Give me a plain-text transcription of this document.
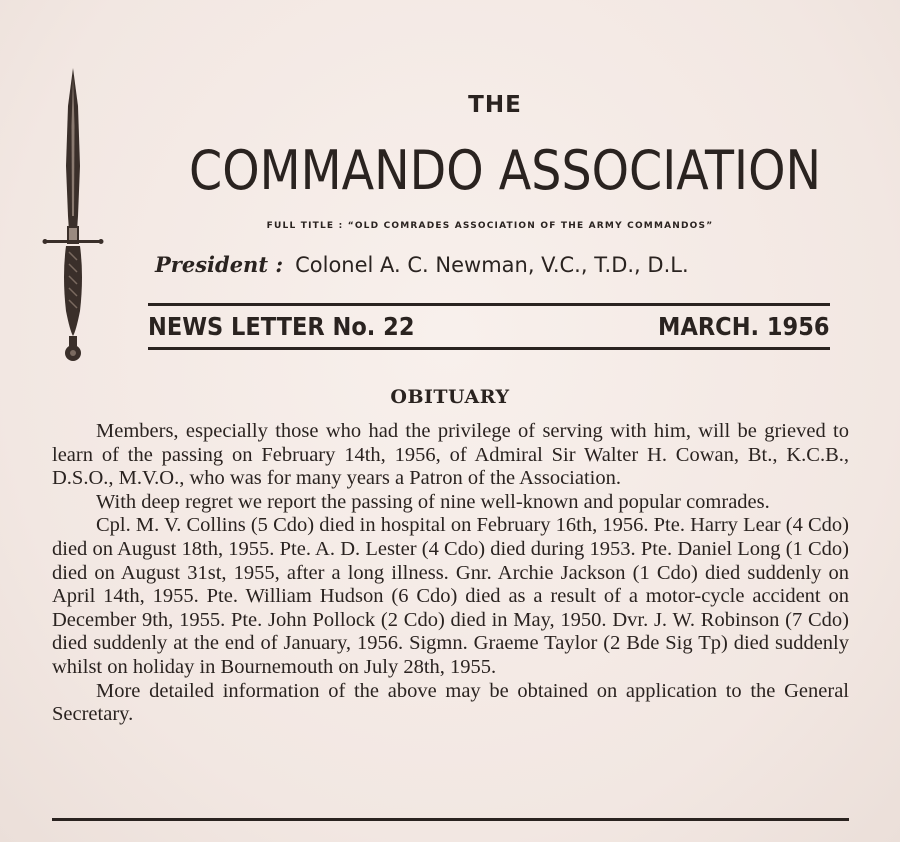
THE
COMMANDO ASSOCIATION
FULL TITLE : “OLD COMRADES ASSOCIATION OF THE ARMY COMMANDOS”
President : Colonel A. C. Newman, V.C., T.D., D.L.
NEWS LETTER No. 22	MARCH. 1956
OBITUARY

Members, especially those who had the privilege of serving with him, will be grieved to learn of the passing on February 14th, 1956, of Admiral Sir Walter H. Cowan, Bt., K.C.B., D.S.O., M.V.O., who was for many years a Patron of the Association.

With deep regret we report the passing of nine well-known and popular comrades.

Cpl. M. V. Collins (5 Cdo) died in hospital on February 16th, 1956. Pte. Harry Lear (4 Cdo) died on August 18th, 1955. Pte. A. D. Lester (4 Cdo) died during 1953. Pte. Daniel Long (1 Cdo) died on August 31st, 1955, after a long illness. Gnr. Archie Jackson (1 Cdo) died suddenly on April 14th, 1955. Pte. William Hudson (6 Cdo) died as a result of a motor-cycle accident on December 9th, 1955. Pte. John Pollock (2 Cdo) died in May, 1950. Dvr. J. W. Robinson (7 Cdo) died suddenly at the end of January, 1956. Sigmn. Graeme Taylor (2 Bde Sig Tp) died suddenly whilst on holiday in Bournemouth on July 28th, 1955.

More detailed information of the above may be obtained on application to the General Secretary.
